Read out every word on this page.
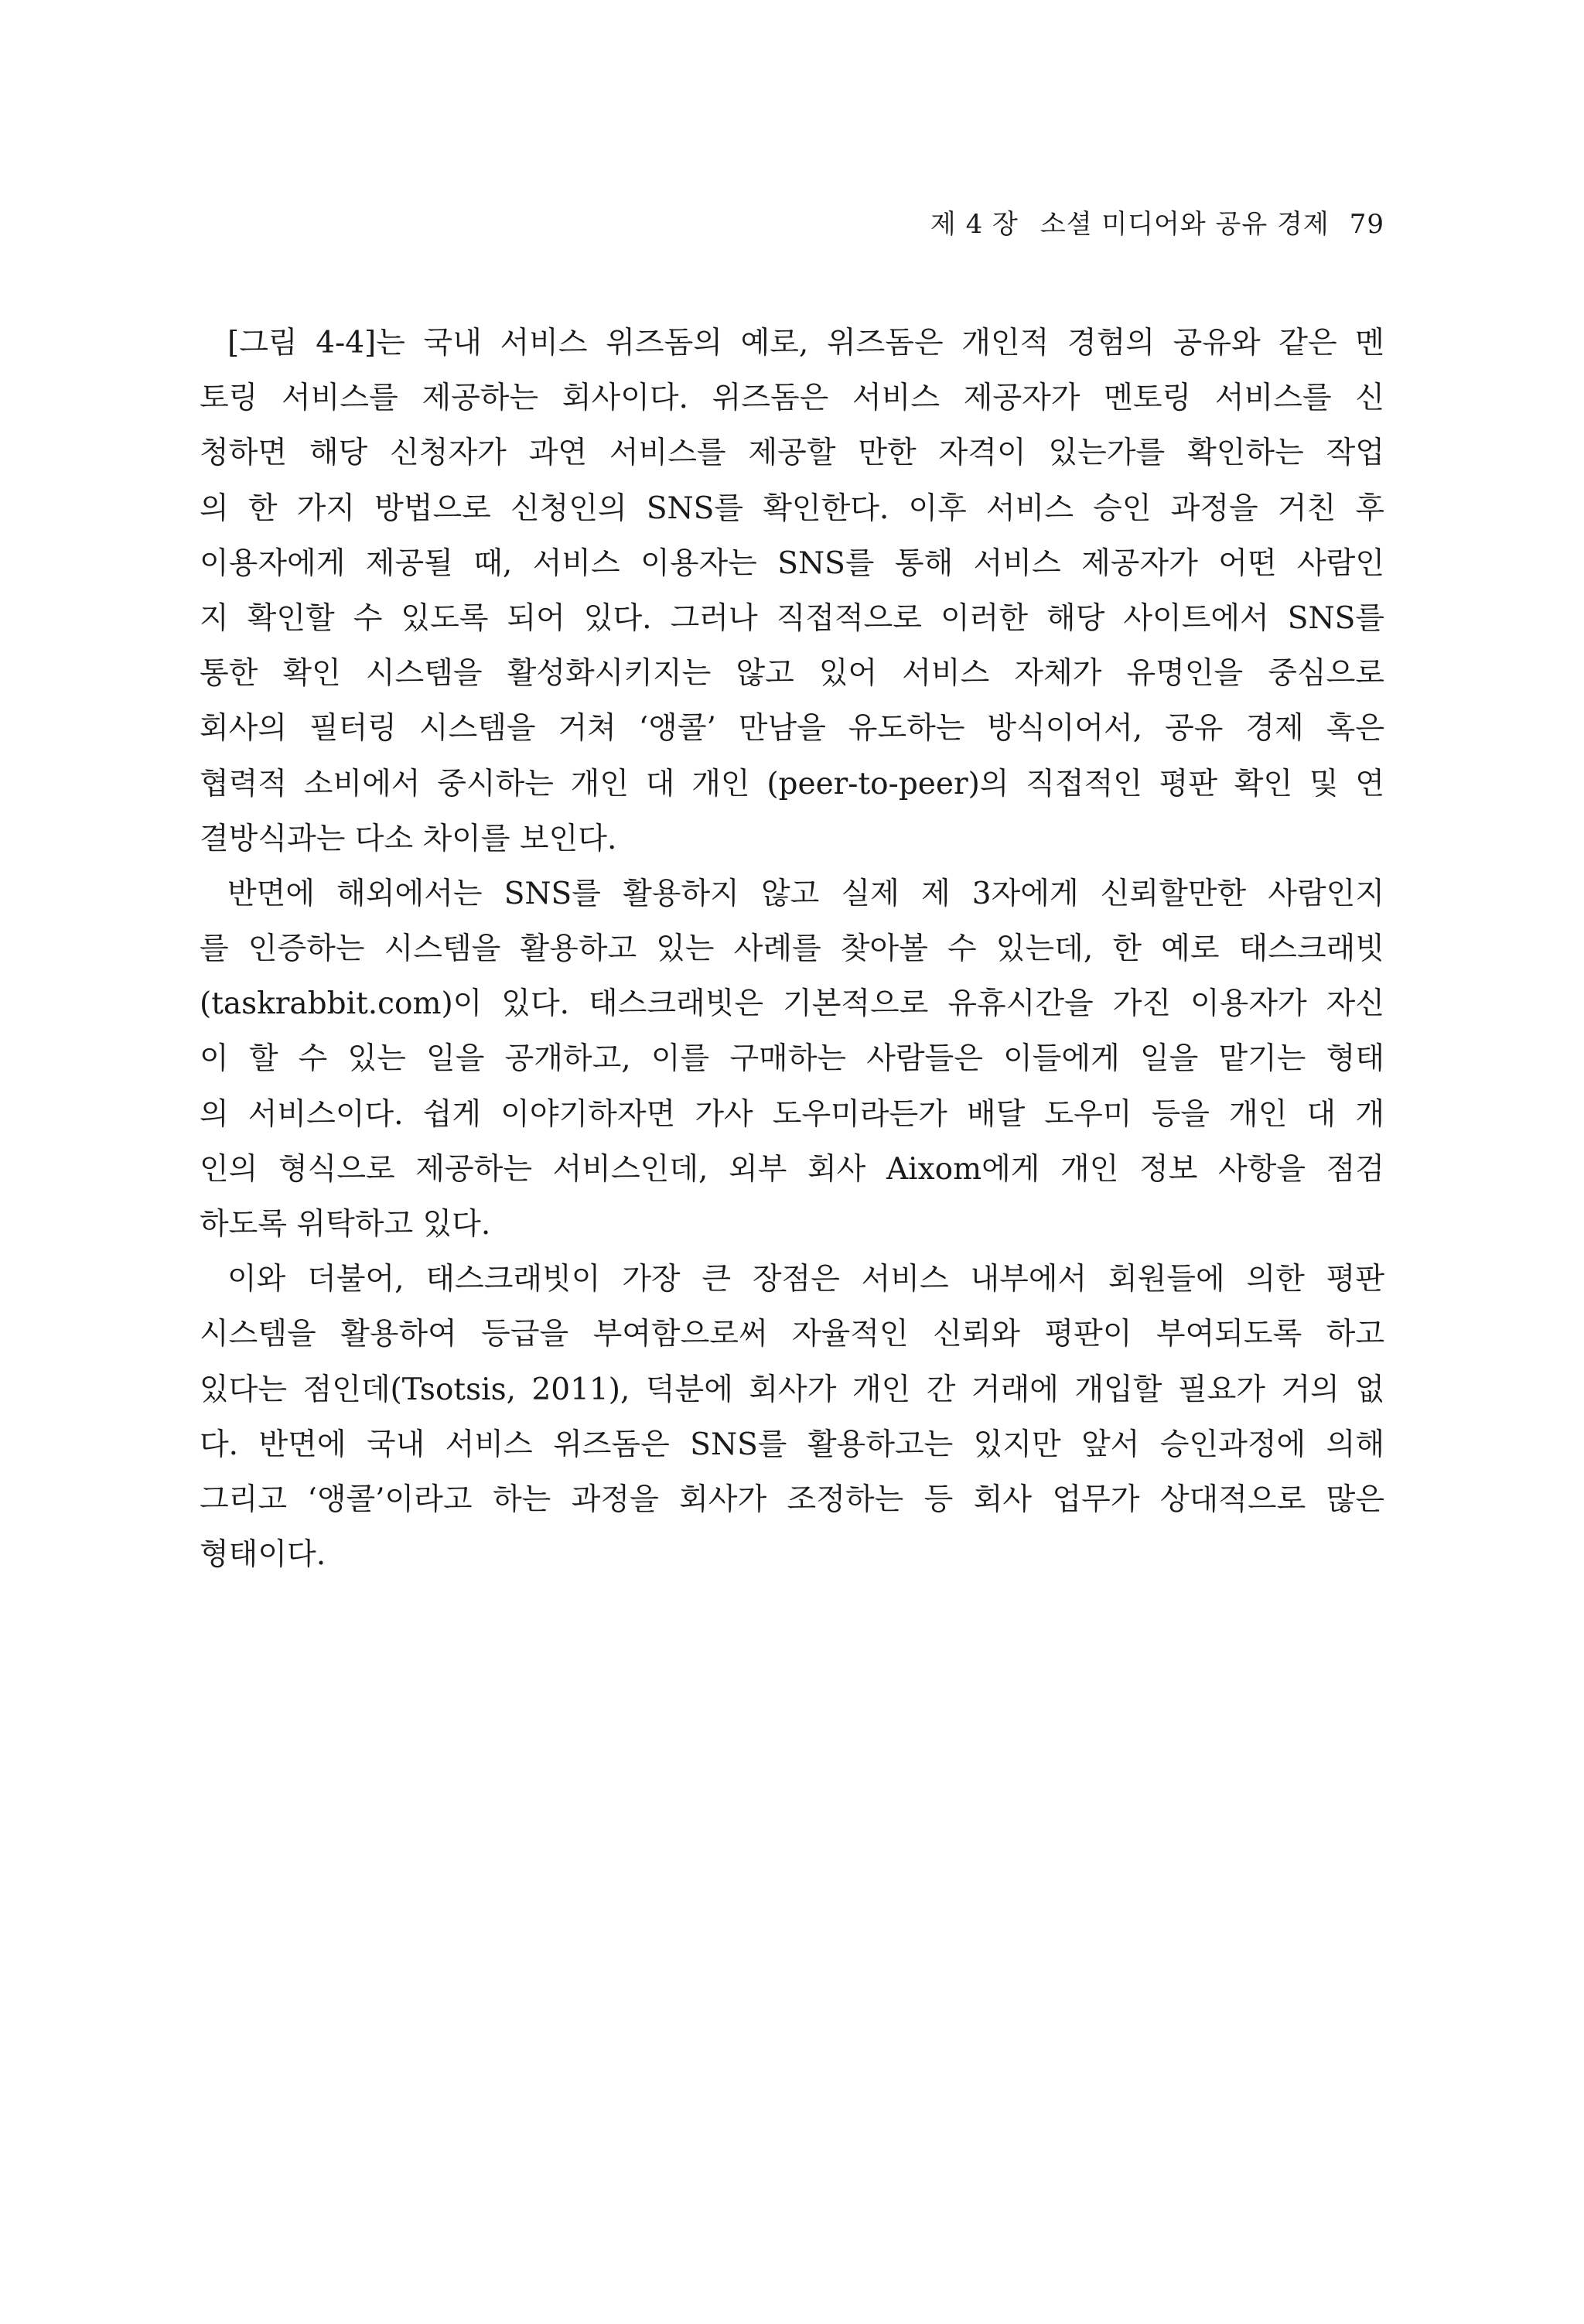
제 4 장 소셜 미디어와 공유 경제 79
[그림 4-4]는 국내 서비스 위즈돔의 예로, 위즈돔은 개인적 경험의 공유와 같은 멘
토링 서비스를 제공하는 회사이다. 위즈돔은 서비스 제공자가 멘토링 서비스를 신
청하면 해당 신청자가 과연 서비스를 제공할 만한 자격이 있는가를 확인하는 작업
의 한 가지 방법으로 신청인의 SNS를 확인한다. 이후 서비스 승인 과정을 거친 후
이용자에게 제공될 때, 서비스 이용자는 SNS를 통해 서비스 제공자가 어떤 사람인
지 확인할 수 있도록 되어 있다. 그러나 직접적으로 이러한 해당 사이트에서 SNS를
통한 확인 시스템을 활성화시키지는 않고 있어 서비스 자체가 유명인을 중심으로
회사의 필터링 시스템을 거쳐 ‘앵콜’ 만남을 유도하는 방식이어서, 공유 경제 혹은
협력적 소비에서 중시하는 개인 대 개인 (peer-to-peer)의 직접적인 평판 확인 및 연
결방식과는 다소 차이를 보인다.
반면에 해외에서는 SNS를 활용하지 않고 실제 제 3자에게 신뢰할만한 사람인지
를 인증하는 시스템을 활용하고 있는 사례를 찾아볼 수 있는데, 한 예로 태스크래빗
(taskrabbit.com)이 있다. 태스크래빗은 기본적으로 유휴시간을 가진 이용자가 자신
이 할 수 있는 일을 공개하고, 이를 구매하는 사람들은 이들에게 일을 맡기는 형태
의 서비스이다. 쉽게 이야기하자면 가사 도우미라든가 배달 도우미 등을 개인 대 개
인의 형식으로 제공하는 서비스인데, 외부 회사 Aixom에게 개인 정보 사항을 점검
하도록 위탁하고 있다.
이와 더불어, 태스크래빗이 가장 큰 장점은 서비스 내부에서 회원들에 의한 평판
시스템을 활용하여 등급을 부여함으로써 자율적인 신뢰와 평판이 부여되도록 하고
있다는 점인데(Tsotsis, 2011), 덕분에 회사가 개인 간 거래에 개입할 필요가 거의 없
다. 반면에 국내 서비스 위즈돔은 SNS를 활용하고는 있지만 앞서 승인과정에 의해
그리고 ‘앵콜’이라고 하는 과정을 회사가 조정하는 등 회사 업무가 상대적으로 많은
형태이다.
